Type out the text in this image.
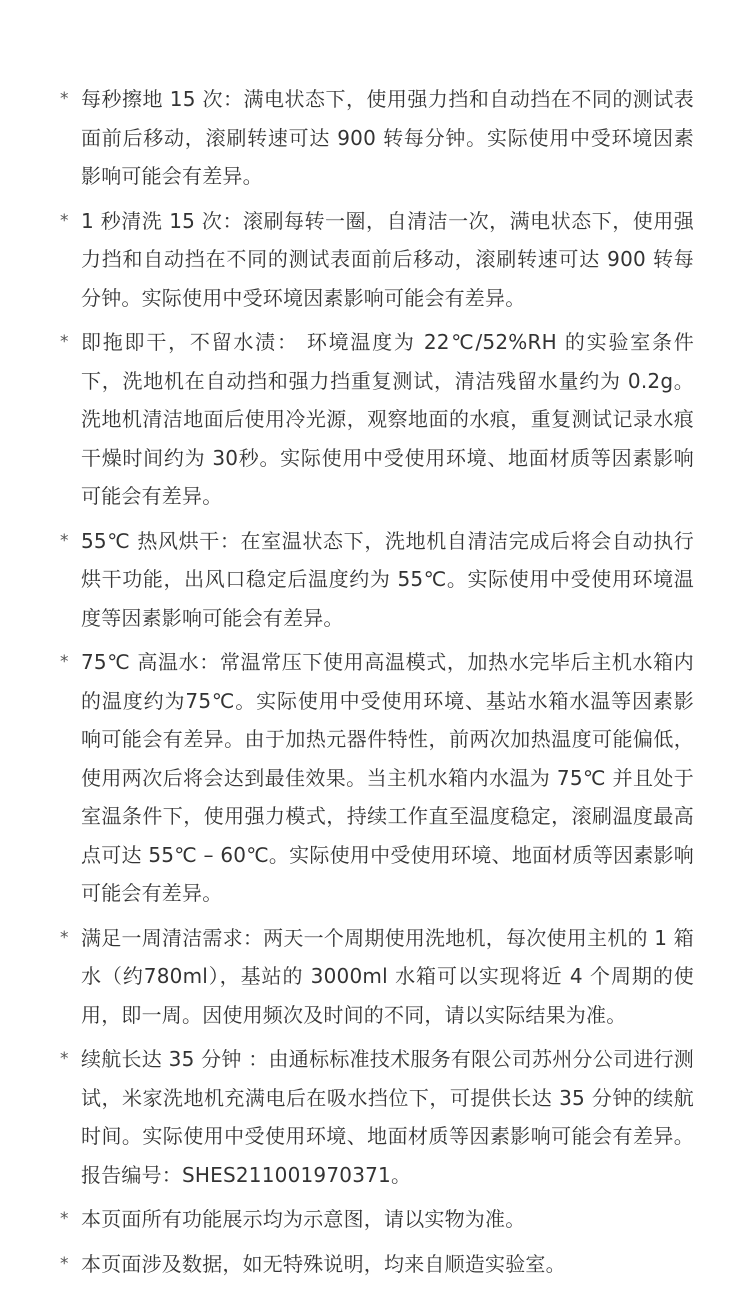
* 每秒擦地 15 次：满电状态下，使用强力挡和自动挡在不同的测试表面前后移动，滚刷转速可达 900 转每分钟。实际使用中受环境因素影响可能会有差异。
* 1 秒清洗 15 次：滚刷每转一圈，自清洁一次，满电状态下，使用强力挡和自动挡在不同的测试表面前后移动，滚刷转速可达 900 转每分钟。实际使用中受环境因素影响可能会有差异。
* 即拖即干，不留水渍： 环境温度为 22℃/52%RH 的实验室条件下，洗地机在自动挡和强力挡重复测试，清洁残留水量约为 0.2g。洗地机清洁地面后使用冷光源，观察地面的水痕，重复测试记录水痕干燥时间约为 30秒。实际使用中受使用环境、地面材质等因素影响可能会有差异。
* 55℃ 热风烘干：在室温状态下，洗地机自清洁完成后将会自动执行烘干功能，出风口稳定后温度约为 55℃。实际使用中受使用环境温度等因素影响可能会有差异。
* 75℃ 高温水：常温常压下使用高温模式，加热水完毕后主机水箱内的温度约为75℃。实际使用中受使用环境、基站水箱水温等因素影响可能会有差异。由于加热元器件特性，前两次加热温度可能偏低，使用两次后将会达到最佳效果。当主机水箱内水温为 75℃ 并且处于室温条件下，使用强力模式，持续工作直至温度稳定，滚刷温度最高点可达 55℃ – 60℃。实际使用中受使用环境、地面材质等因素影响可能会有差异。
* 满足一周清洁需求：两天一个周期使用洗地机，每次使用主机的 1 箱水（约780ml），基站的 3000ml 水箱可以实现将近 4 个周期的使用，即一周。因使用频次及时间的不同，请以实际结果为准。
* 续航长达 35 分钟 ：由通标标准技术服务有限公司苏州分公司进行测试，米家洗地机充满电后在吸水挡位下，可提供长达 35 分钟的续航时间。实际使用中受使用环境、地面材质等因素影响可能会有差异。报告编号：SHES211001970371。
* 本页面所有功能展示均为示意图，请以实物为准。
* 本页面涉及数据，如无特殊说明，均来自顺造实验室。
